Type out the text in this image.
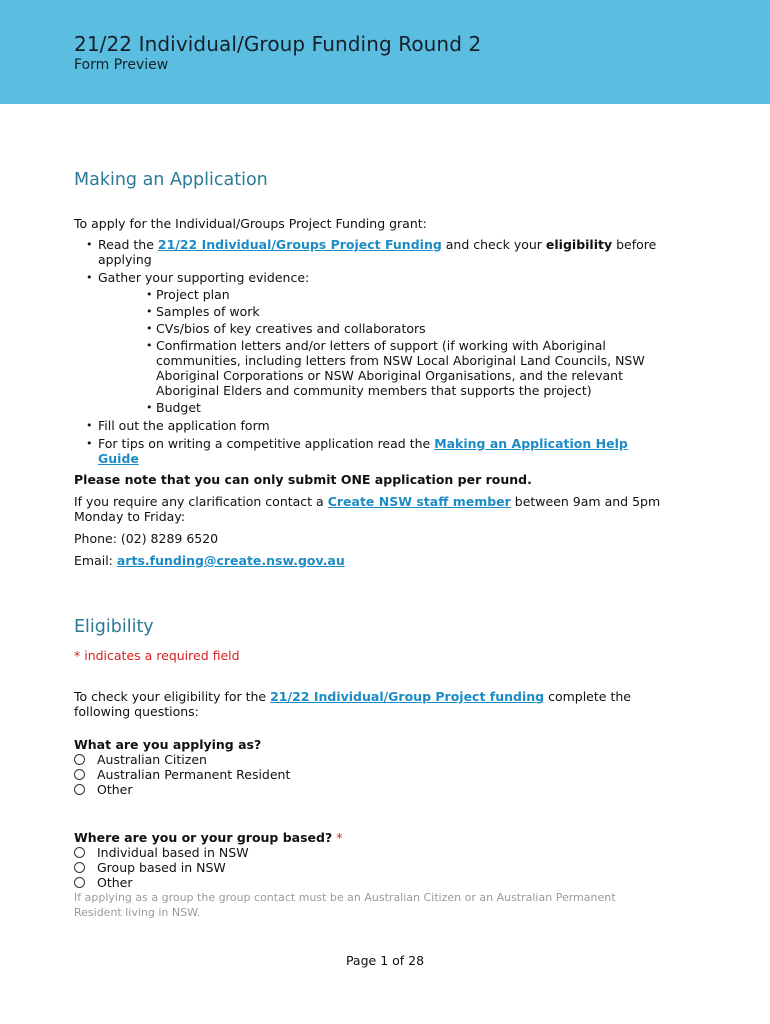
21/22 Individual/Group Funding Round 2
Form Preview
Making an Application

To apply for the Individual/Groups Project Funding grant:

• Read the 21/22 Individual/Groups Project Funding and check your eligibility before applying
• Gather your supporting evidence:
• Project plan
• Samples of work
• CVs/bios of key creatives and collaborators
• Confirmation letters and/or letters of support (if working with Aboriginal communities, including letters from NSW Local Aboriginal Land Councils, NSW Aboriginal Corporations or NSW Aboriginal Organisations, and the relevant Aboriginal Elders and community members that supports the project)
• Budget
• Fill out the application form
• For tips on writing a competitive application read the Making an Application Help Guide

Please note that you can only submit ONE application per round.

If you require any clarification contact a Create NSW staff member between 9am and 5pm Monday to Friday:

Phone: (02) 8289 6520

Email: arts.funding@create.nsw.gov.au

Eligibility

* indicates a required field

To check your eligibility for the 21/22 Individual/Group Project funding complete the following questions:

What are you applying as?

Australian Citizen
Australian Permanent Resident
Other

Where are you or your group based? *

Individual based in NSW
Group based in NSW
Other

If applying as a group the group contact must be an Australian Citizen or an Australian Permanent Resident living in NSW.

Page 1 of 28
